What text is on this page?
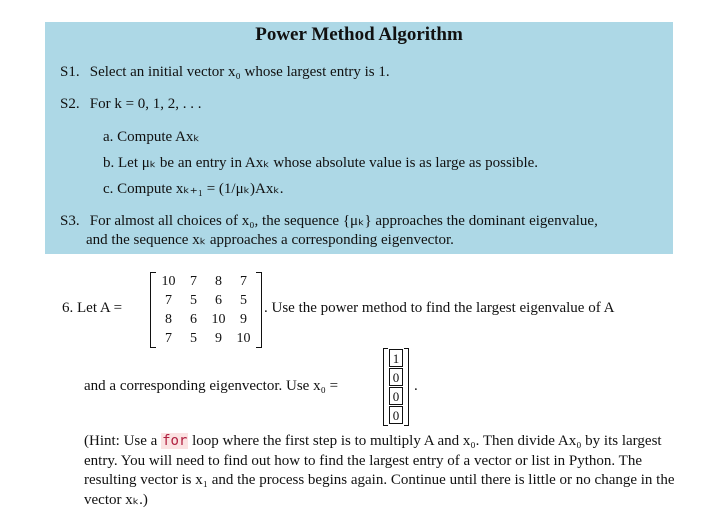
Power Method Algorithm
S1. Select an initial vector x₀ whose largest entry is 1.
S2. For k = 0, 1, 2, . . .
a. Compute Axₖ
b. Let μₖ be an entry in Axₖ whose absolute value is as large as possible.
c. Compute xₖ₊₁ = (1/μₖ)Axₖ.
S3. For almost all choices of x₀, the sequence {μₖ} approaches the dominant eigenvalue,
and the sequence xₖ approaches a corresponding eigenvector.
6. Let A =
10	7	8	7
7	5	6	5
8	6	10	9
7	5	9	10
. Use the power method to find the largest eigenvalue of A
and a corresponding eigenvector. Use x₀ =
1
0
0
0
.
(Hint: Use a for loop where the first step is to multiply A and x₀. Then divide Ax₀ by its largest entry. You will need to find out how to find the largest entry of a vector or list in Python. The resulting vector is x₁ and the process begins again. Continue until there is little or no change in the vector xₖ.)
